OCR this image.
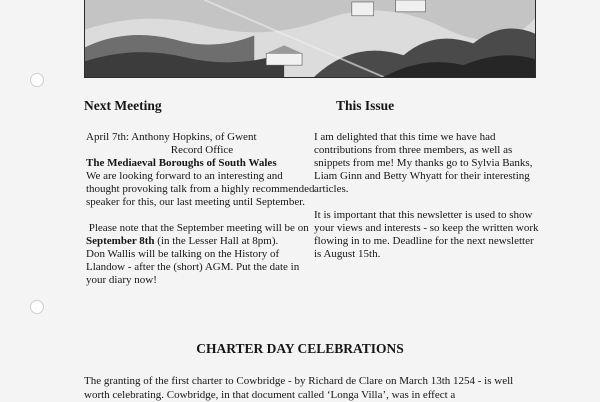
Next Meeting	This Issue

April 7th: Anthony Hopkins, of Gwent

Record Office

The Mediaeval Boroughs of South Wales

We are looking forward to an interesting and thought provoking talk from a highly recommended speaker for this, our last meeting until September.

Please note that the September meeting will be on September 8th (in the Lesser Hall at 8pm).

Don Wallis will be talking on the History of Llandow - after the (short) AGM. Put the date in your diary now!

I am delighted that this time we have had contributions from three members, as well as snippets from me! My thanks go to Sylvia Banks, Liam Ginn and Betty Whyatt for their interesting articles.

It is important that this newsletter is used to show your views and interests - so keep the written work flowing in to me. Deadline for the next newsletter is August 15th.

CHARTER DAY CELEBRATIONS

The granting of the first charter to Cowbridge - by Richard de Clare on March 13th 1254 - is well worth celebrating. Cowbridge, in that document called ‘Longa Villa’, was in effect a
